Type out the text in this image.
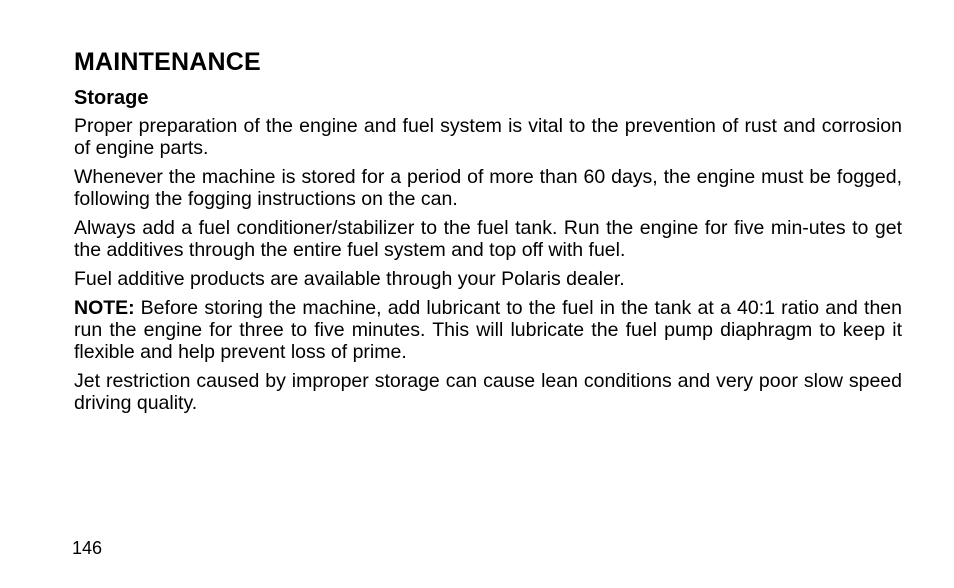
MAINTENANCE
Storage

Proper preparation of the engine and fuel system is vital to the prevention of rust and corrosion of engine parts.

Whenever the machine is stored for a period of more than 60 days, the engine must be fogged, following the fogging instructions on the can.

Always add a fuel conditioner/stabilizer to the fuel tank. Run the engine for five min-utes to get the additives through the entire fuel system and top off with fuel.

Fuel additive products are available through your Polaris dealer.

NOTE: Before storing the machine, add lubricant to the fuel in the tank at a 40:1 ratio and then run the engine for three to five minutes. This will lubricate the fuel pump diaphragm to keep it flexible and help prevent loss of prime.

Jet restriction caused by improper storage can cause lean conditions and very poor slow speed driving quality.

146
